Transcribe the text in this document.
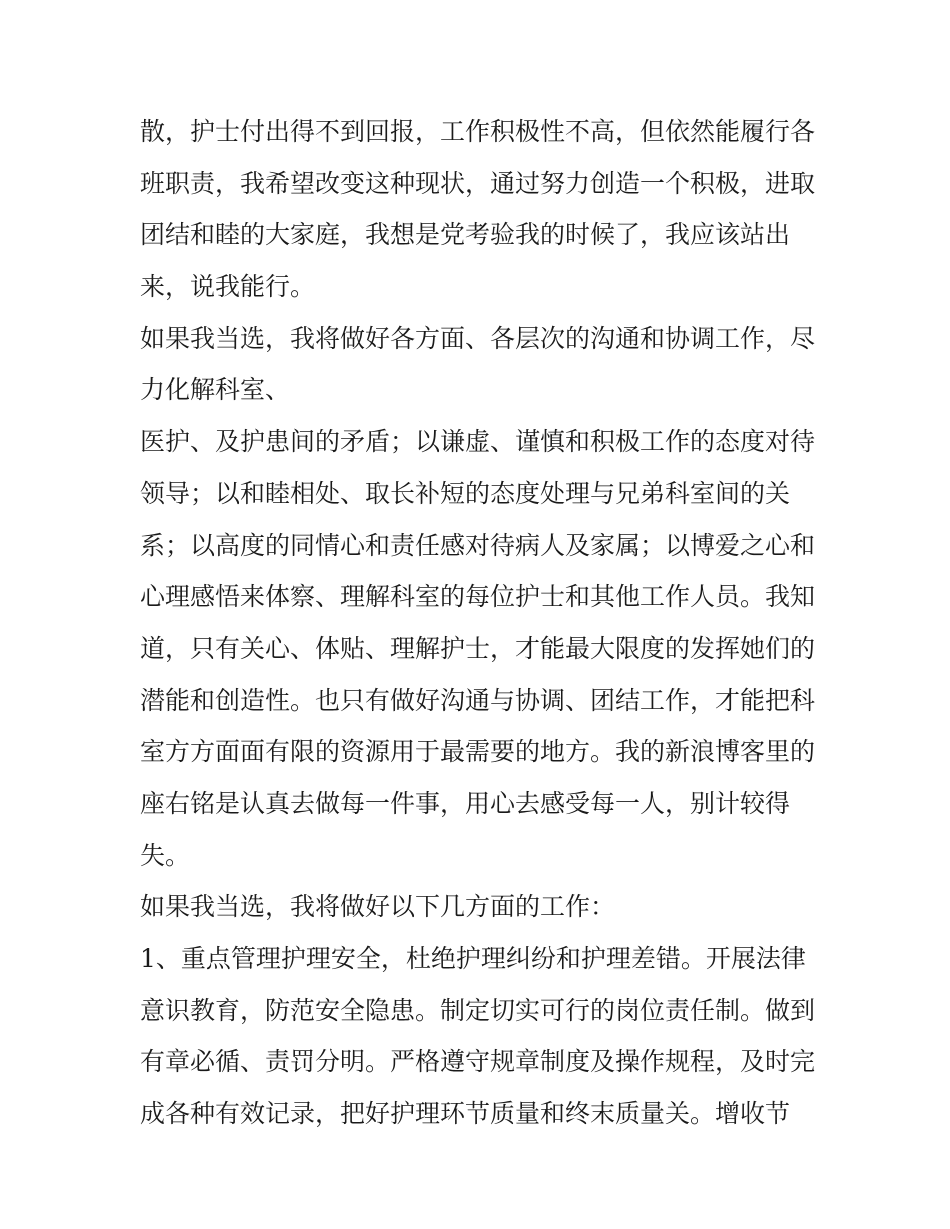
散，护士付出得不到回报，工作积极性不高，但依然能履行各
班职责，我希望改变这种现状，通过努力创造一个积极，进取
团结和睦的大家庭，我想是党考验我的时候了，我应该站出
来，说我能行。
如果我当选，我将做好各方面、各层次的沟通和协调工作，尽
力化解科室、
医护、及护患间的矛盾；以谦虚、谨慎和积极工作的态度对待
领导；以和睦相处、取长补短的态度处理与兄弟科室间的关
系；以高度的同情心和责任感对待病人及家属；以博爱之心和
心理感悟来体察、理解科室的每位护士和其他工作人员。我知
道，只有关心、体贴、理解护士，才能最大限度的发挥她们的
潜能和创造性。也只有做好沟通与协调、团结工作，才能把科
室方方面面有限的资源用于最需要的地方。我的新浪博客里的
座右铭是认真去做每一件事，用心去感受每一人，别计较得
失。
如果我当选，我将做好以下几方面的工作：
1、重点管理护理安全，杜绝护理纠纷和护理差错。开展法律
意识教育，防范安全隐患。制定切实可行的岗位责任制。做到
有章必循、责罚分明。严格遵守规章制度及操作规程，及时完
成各种有效记录，把好护理环节质量和终末质量关。增收节
